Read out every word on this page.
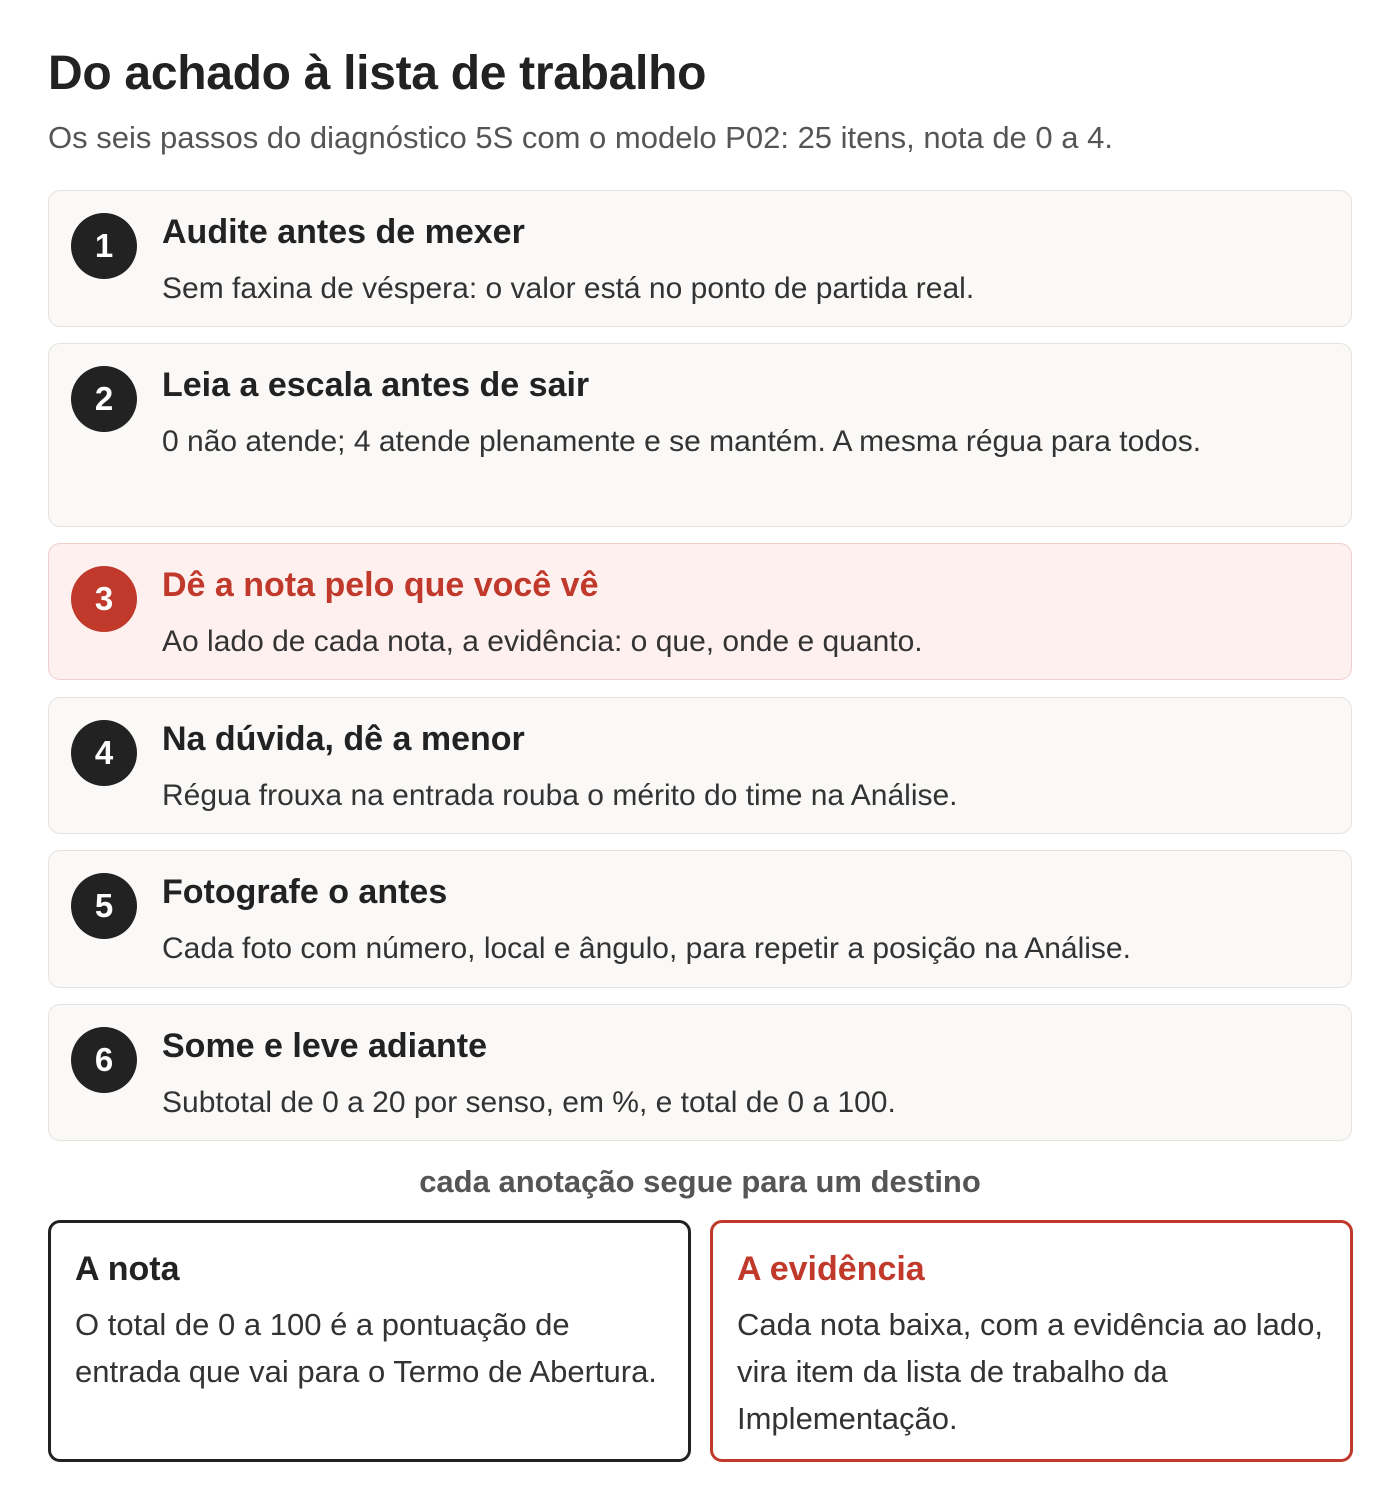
Do achado à lista de trabalho

Os seis passos do diagnóstico 5S com o modelo P02: 25 itens, nota de 0 a 4.

1	Audite antes de mexer
Sem faxina de véspera: o valor está no ponto de partida real.
2	Leia a escala antes de sair
0 não atende; 4 atende plenamente e se mantém. A mesma régua para todos.
3	Dê a nota pelo que você vê
Ao lado de cada nota, a evidência: o que, onde e quanto.
4	Na dúvida, dê a menor
Régua frouxa na entrada rouba o mérito do time na Análise.
5	Fotografe o antes
Cada foto com número, local e ângulo, para repetir a posição na Análise.
6	Some e leve adiante
Subtotal de 0 a 20 por senso, em %, e total de 0 a 100.
cada anotação segue para um destino
A nota
O total de 0 a 100 é a pontuação de entrada que vai para o Termo de Abertura.
A evidência
Cada nota baixa, com a evidência ao lado, vira item da lista de trabalho da Implementação.
